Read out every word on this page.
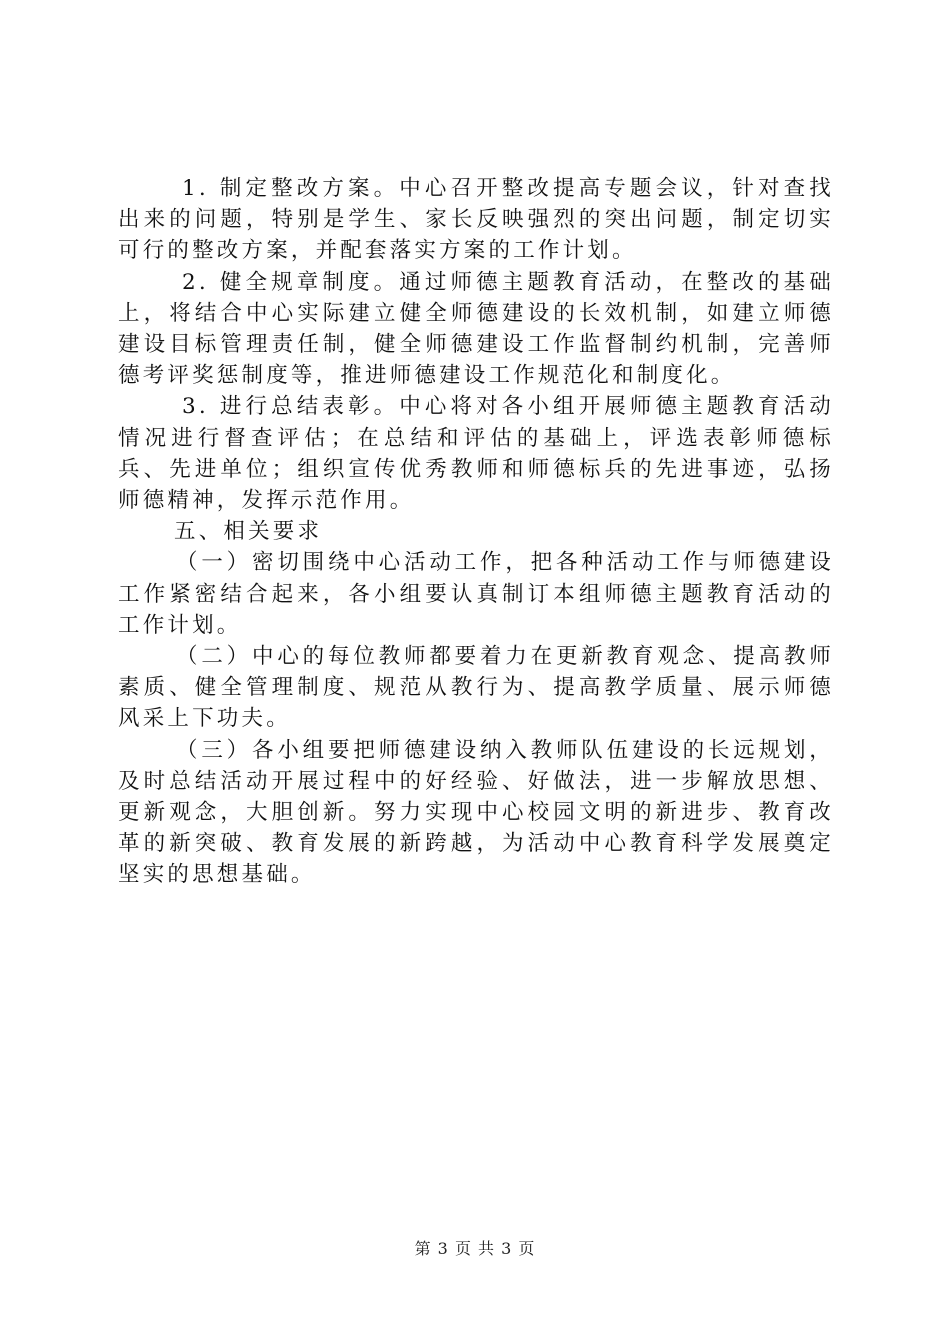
1. 制定整改方案。中心召开整改提高专题会议，针对查找出来的问题，特别是学生、家长反映强烈的突出问题，制定切实可行的整改方案，并配套落实方案的工作计划。

2. 健全规章制度。通过师德主题教育活动，在整改的基础上，将结合中心实际建立健全师德建设的长效机制，如建立师德建设目标管理责任制，健全师德建设工作监督制约机制，完善师德考评奖惩制度等，推进师德建设工作规范化和制度化。

3. 进行总结表彰。中心将对各小组开展师德主题教育活动情况进行督查评估；在总结和评估的基础上，评选表彰师德标兵、先进单位；组织宣传优秀教师和师德标兵的先进事迹，弘扬师德精神，发挥示范作用。

五、相关要求

（一）密切围绕中心活动工作，把各种活动工作与师德建设工作紧密结合起来，各小组要认真制订本组师德主题教育活动的工作计划。

（二）中心的每位教师都要着力在更新教育观念、提高教师素质、健全管理制度、规范从教行为、提高教学质量、展示师德风采上下功夫。

（三）各小组要把师德建设纳入教师队伍建设的长远规划，及时总结活动开展过程中的好经验、好做法，进一步解放思想、更新观念，大胆创新。努力实现中心校园文明的新进步、教育改革的新突破、教育发展的新跨越，为活动中心教育科学发展奠定坚实的思想基础。

第 3 页 共 3 页
